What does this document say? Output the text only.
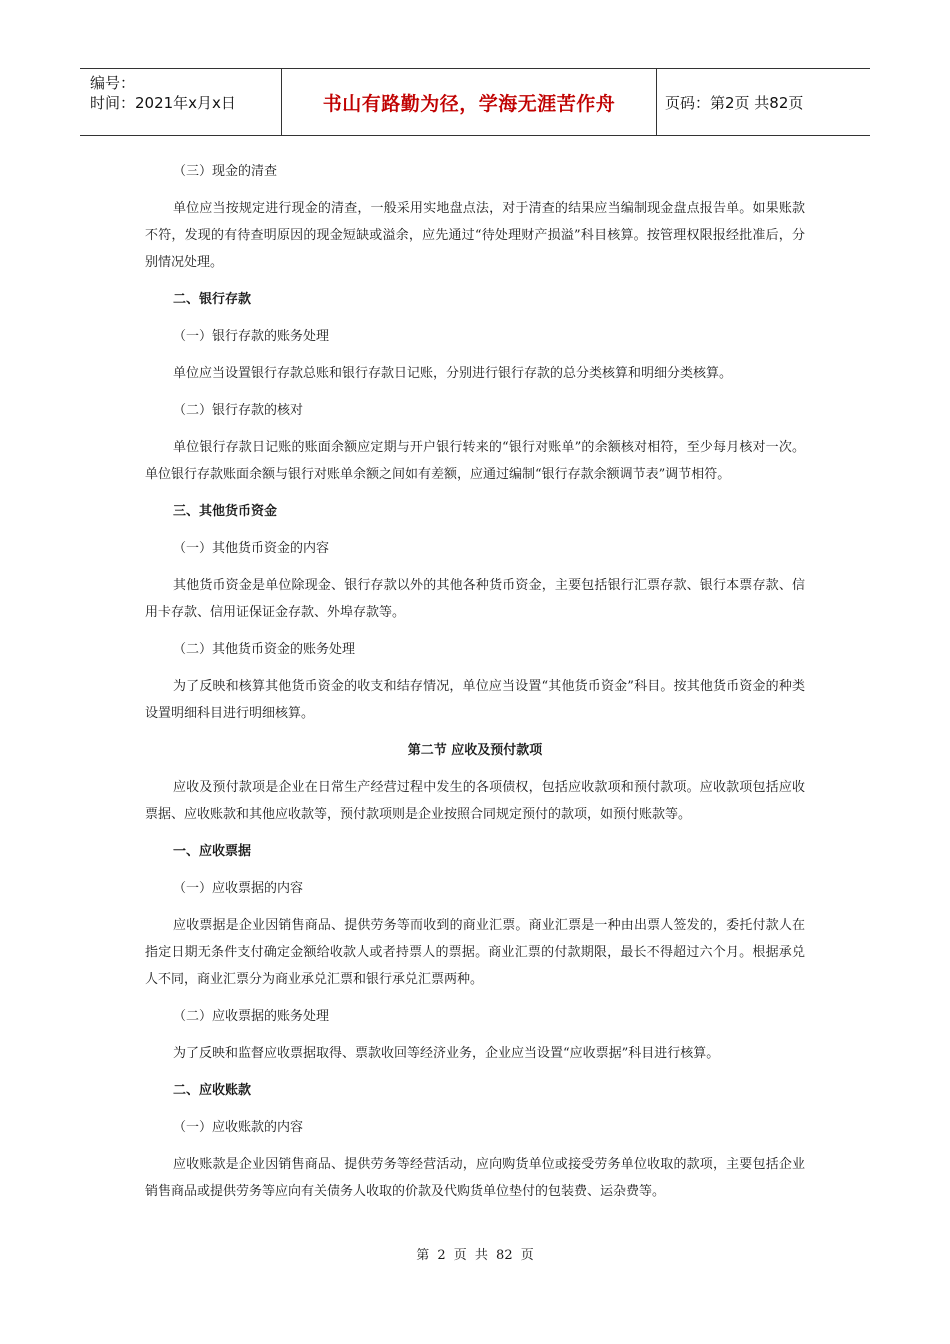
编号：
时间：2021年x月x日	书山有路勤为径，学海无涯苦作舟	页码：第2页 共82页

（三）现金的清查

单位应当按规定进行现金的清查，一般采用实地盘点法，对于清查的结果应当编制现金盘点报告单。如果账款不符，发现的有待查明原因的现金短缺或溢余，应先通过“待处理财产损溢”科目核算。按管理权限报经批准后，分别情况处理。

二、银行存款

（一）银行存款的账务处理

单位应当设置银行存款总账和银行存款日记账，分别进行银行存款的总分类核算和明细分类核算。

（二）银行存款的核对

单位银行存款日记账的账面余额应定期与开户银行转来的“银行对账单”的余额核对相符，至少每月核对一次。单位银行存款账面余额与银行对账单余额之间如有差额，应通过编制“银行存款余额调节表”调节相符。

三、其他货币资金

（一）其他货币资金的内容

其他货币资金是单位除现金、银行存款以外的其他各种货币资金，主要包括银行汇票存款、银行本票存款、信用卡存款、信用证保证金存款、外埠存款等。

（二）其他货币资金的账务处理

为了反映和核算其他货币资金的收支和结存情况，单位应当设置“其他货币资金”科目。按其他货币资金的种类设置明细科目进行明细核算。

第二节 应收及预付款项

应收及预付款项是企业在日常生产经营过程中发生的各项债权，包括应收款项和预付款项。应收款项包括应收票据、应收账款和其他应收款等，预付款项则是企业按照合同规定预付的款项，如预付账款等。

一、应收票据

（一）应收票据的内容

应收票据是企业因销售商品、提供劳务等而收到的商业汇票。商业汇票是一种由出票人签发的，委托付款人在指定日期无条件支付确定金额给收款人或者持票人的票据。商业汇票的付款期限，最长不得超过六个月。根据承兑人不同，商业汇票分为商业承兑汇票和银行承兑汇票两种。

（二）应收票据的账务处理

为了反映和监督应收票据取得、票款收回等经济业务，企业应当设置“应收票据”科目进行核算。

二、应收账款

（一）应收账款的内容

应收账款是企业因销售商品、提供劳务等经营活动，应向购货单位或接受劳务单位收取的款项，主要包括企业销售商品或提供劳务等应向有关债务人收取的价款及代购货单位垫付的包装费、运杂费等。

第 2 页 共 82 页
